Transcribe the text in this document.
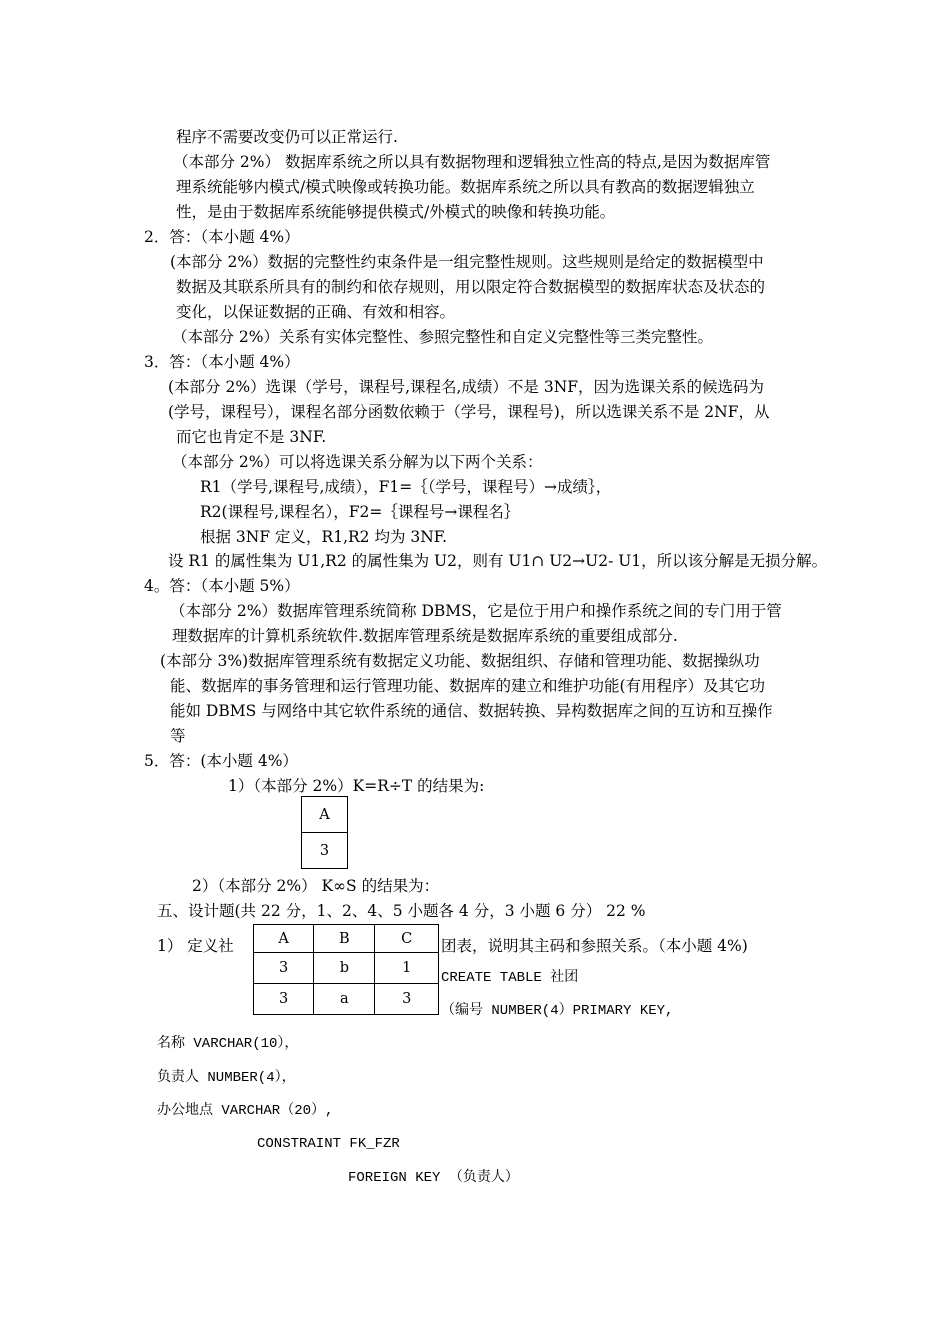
程序不需要改变仍可以正常运行.
（本部分 2%） 数据库系统之所以具有数据物理和逻辑独立性高的特点,是因为数据库管
理系统能够内模式/模式映像或转换功能。数据库系统之所以具有教高的数据逻辑独立
性，是由于数据库系统能够提供模式/外模式的映像和转换功能。
2．答：（本小题 4%）
(本部分 2%）数据的完整性约束条件是一组完整性规则。这些规则是给定的数据模型中
数据及其联系所具有的制约和依存规则，用以限定符合数据模型的数据库状态及状态的
变化，以保证数据的正确、有效和相容。
（本部分 2%）关系有实体完整性、参照完整性和自定义完整性等三类完整性。
3．答：（本小题 4%）
(本部分 2%）选课（学号，课程号,课程名,成绩）不是 3NF，因为选课关系的候选码为
(学号，课程号），课程名部分函数依赖于（学号，课程号)，所以选课关系不是 2NF，从
而它也肯定不是 3NF.
（本部分 2%）可以将选课关系分解为以下两个关系：
R1（学号,课程号,成绩），F1=｛（学号，课程号）→成绩｝，
R2(课程号,课程名），F2=｛课程号→课程名｝
根据 3NF 定义，R1,R2 均为 3NF.
设 R1 的属性集为 U1,R2 的属性集为 U2，则有 U1∩ U2→U2- U1，所以该分解是无损分解。
4。答：（本小题 5%）
（本部分 2%）数据库管理系统简称 DBMS，它是位于用户和操作系统之间的专门用于管
理数据库的计算机系统软件.数据库管理系统是数据库系统的重要组成部分.
(本部分 3%)数据库管理系统有数据定义功能、数据组织、存储和管理功能、数据操纵功
能、数据库的事务管理和运行管理功能、数据库的建立和维护功能(有用程序）及其它功
能如 DBMS 与网络中其它软件系统的通信、数据转换、异构数据库之间的互访和互操作
等
5．答：(本小题 4%）
1）（本部分 2%）K=R÷T 的结果为:
A
3
2）（本部分 2%） K∞S 的结果为：
五、设计题(共 22 分，1、2、4、5 小题各 4 分，3 小题 6 分） 22 %
1） 定义社	A	B	C
3	b	1
3	a	3
团表，说明其主码和参照关系。（本小题 4%)
CREATE TABLE 社团
（编号 NUMBER(4）PRIMARY KEY,
名称 VARCHAR(10），
负责人 NUMBER(4），
办公地点 VARCHAR（20）,
CONSTRAINT FK_FZR
FOREIGN KEY （负责人）
